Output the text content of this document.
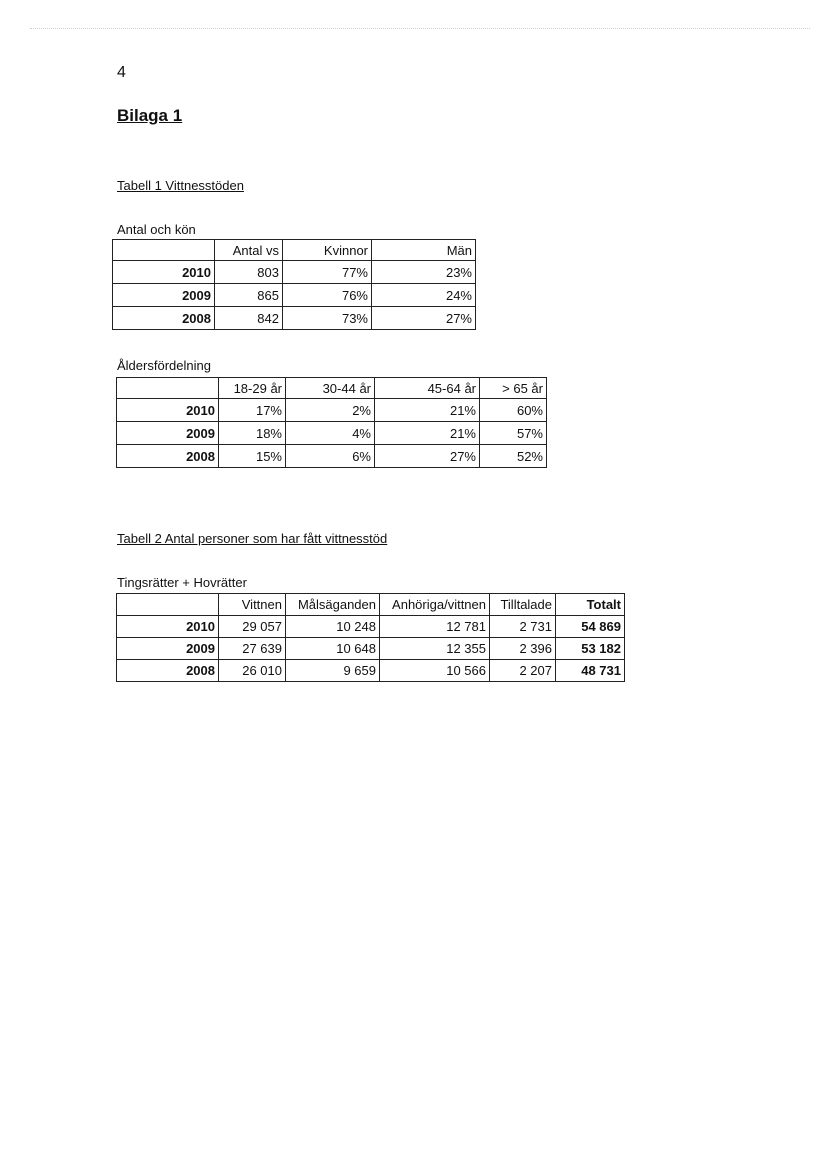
4
Bilaga 1
Tabell 1 Vittnesstöden
Antal och kön
	Antal vs	Kvinnor	Män
2010	803	77%	23%
2009	865	76%	24%
2008	842	73%	27%
Åldersfördelning
	18-29 år	30-44 år	45-64 år	> 65 år
2010	17%	2%	21%	60%
2009	18%	4%	21%	57%
2008	15%	6%	27%	52%
Tabell 2 Antal personer som har fått vittnesstöd
Tingsrätter + Hovrätter
	Vittnen	Målsäganden	Anhöriga/vittnen	Tilltalade	Totalt
2010	29 057	10 248	12 781	2 731	54 869
2009	27 639	10 648	12 355	2 396	53 182
2008	26 010	9 659	10 566	2 207	48 731
